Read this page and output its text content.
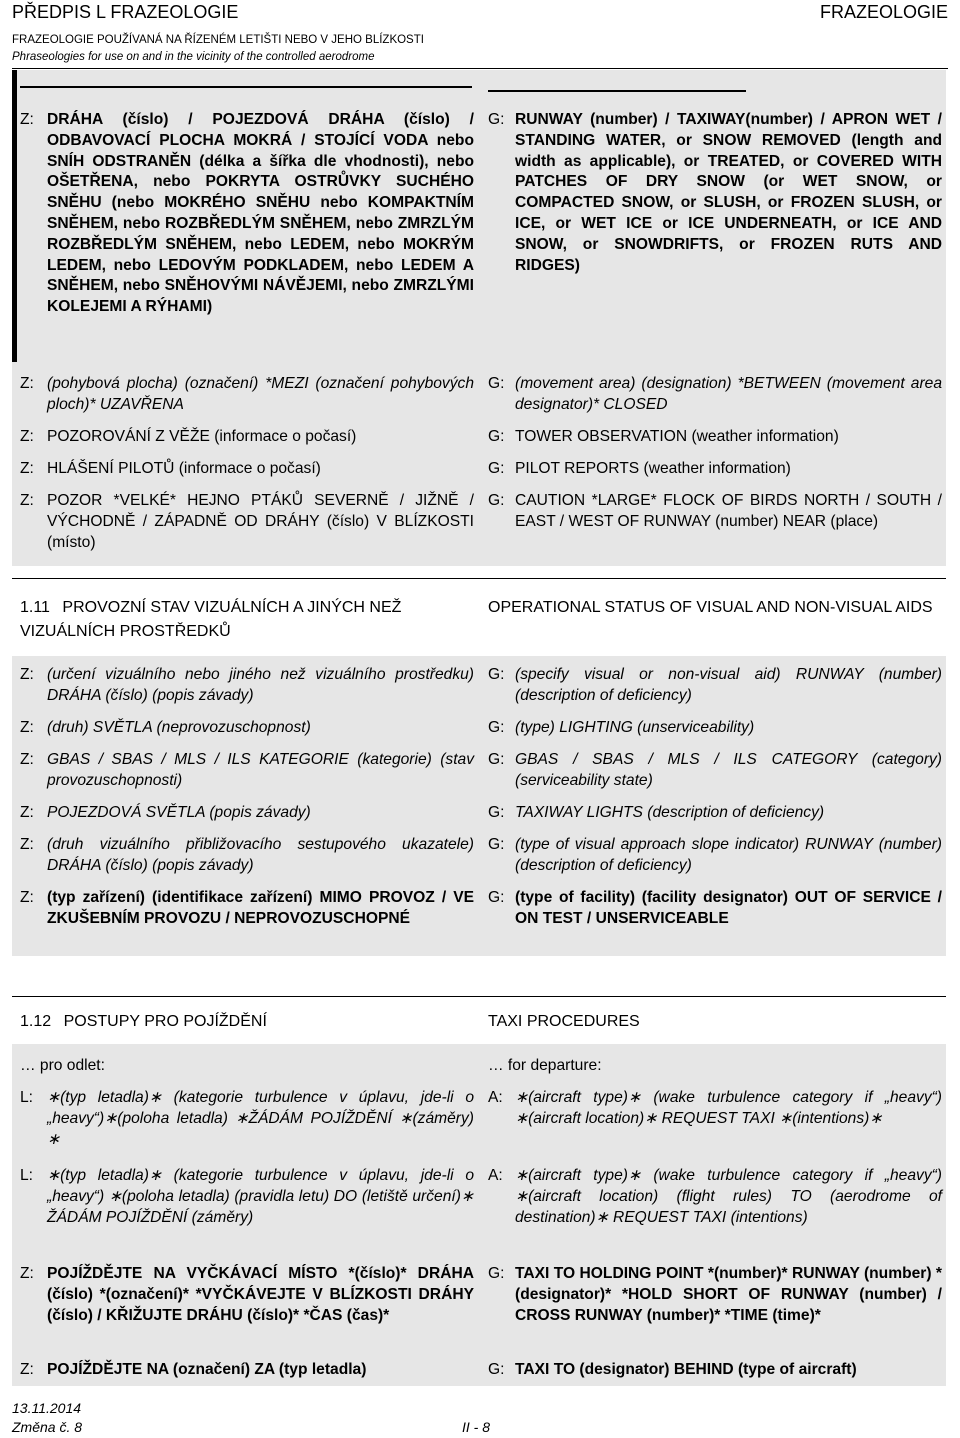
PŘEDPIS L FRAZEOLOGIE	FRAZEOLOGIE
FRAZEOLOGIE POUŽÍVANÁ NA ŘÍZENÉM LETIŠTI NEBO V JEHO BLÍZKOSTI
Phraseologies for use on and in the vicinity of the controlled aerodrome
Z: DRÁHA (číslo) / POJEZDOVÁ DRÁHA (číslo) / ODBAVOVACÍ PLOCHA MOKRÁ / STOJÍCÍ VODA nebo SNÍH ODSTRANĚN (délka a šířka dle vhodnosti), nebo OŠETŘENA, nebo POKRYTA OSTRŮVKY SUCHÉHO SNĚHU (nebo MOKRÉHO SNĚHU nebo KOMPAKTNÍM SNĚHEM, nebo ROZBŘEDLÝM SNĚHEM, nebo ZMRZLÝM ROZBŘEDLÝM SNĚHEM, nebo LEDEM, nebo MOKRÝM LEDEM, nebo LEDOVÝM PODKLADEM, nebo LEDEM A SNĚHEM, nebo SNĚHOVÝMI NÁVĚJEMI, nebo ZMRZLÝMI KOLEJEMI A RÝHAMI)
G: RUNWAY (number) / TAXIWAY(number) / APRON WET / STANDING WATER, or SNOW REMOVED (length and width as applicable), or TREATED, or COVERED WITH PATCHES OF DRY SNOW (or WET SNOW, or COMPACTED SNOW, or SLUSH, or FROZEN SLUSH, or ICE, or WET ICE or ICE UNDERNEATH, or ICE AND SNOW, or SNOWDRIFTS, or FROZEN RUTS AND RIDGES)
Z: (pohybová plocha) (označení) *MEZI (označení pohybových ploch)* UZAVŘENA
G: (movement area) (designation) *BETWEEN (movement area designator)* CLOSED
Z: POZOROVÁNÍ Z VĚŽE (informace o počasí)	G: TOWER OBSERVATION (weather information)
Z: HLÁŠENÍ PILOTŮ (informace o počasí)	G: PILOT REPORTS (weather information)
Z: POZOR *VELKÉ* HEJNO PTÁKŮ SEVERNĚ / JIŽNĚ / VÝCHODNĚ / ZÁPADNĚ OD DRÁHY (číslo) V BLÍZKOSTI (místo)
G: CAUTION *LARGE* FLOCK OF BIRDS NORTH / SOUTH / EAST / WEST OF RUNWAY (number) NEAR (place)
1.11 PROVOZNÍ STAV VIZUÁLNÍCH A JINÝCH NEŽ VIZUÁLNÍCH PROSTŘEDKŮ
OPERATIONAL STATUS OF VISUAL AND NON-VISUAL AIDS
Z: (určení vizuálního nebo jiného než vizuálního prostředku) DRÁHA (číslo) (popis závady)
G: (specify visual or non-visual aid) RUNWAY (number) (description of deficiency)
Z: (druh) SVĚTLA (neprovozuschopnost)	G: (type) LIGHTING (unserviceability)
Z: GBAS / SBAS / MLS / ILS KATEGORIE (kategorie) (stav provozuschopnosti)
G: GBAS / SBAS / MLS / ILS CATEGORY (category) (serviceability state)
Z: POJEZDOVÁ SVĚTLA (popis závady)	G: TAXIWAY LIGHTS (description of deficiency)
Z: (druh vizuálního přibližovacího sestupového ukazatele) DRÁHA (číslo) (popis závady)
G: (type of visual approach slope indicator) RUNWAY (number) (description of deficiency)
Z: (typ zařízení) (identifikace zařízení) MIMO PROVOZ / VE ZKUŠEBNÍM PROVOZU / NEPROVOZUSCHOPNÉ
G: (type of facility) (facility designator) OUT OF SERVICE / ON TEST / UNSERVICEABLE
1.12 POSTUPY PRO POJÍŽDĚNÍ	TAXI PROCEDURES
… pro odlet:	… for departure:
L: ∗(typ letadla)∗ (kategorie turbulence v úplavu, jde-li o „heavy“)∗(poloha letadla) ∗ŽÁDÁM POJÍŽDĚNÍ ∗(záměry) ∗
A: ∗(aircraft type)∗ (wake turbulence category if „heavy“) ∗(aircraft location)∗ REQUEST TAXI ∗(intentions)∗
L: ∗(typ letadla)∗ (kategorie turbulence v úplavu, jde-li o „heavy“) ∗(poloha letadla) (pravidla letu) DO (letiště určení)∗ ŽÁDÁM POJÍŽDĚNÍ (záměry)
A: ∗(aircraft type)∗ (wake turbulence category if „heavy“) ∗(aircraft location) (flight rules) TO (aerodrome of destination)∗ REQUEST TAXI (intentions)
Z: POJÍŽDĚJTE NA VYČKÁVACÍ MÍSTO *(číslo)* DRÁHA (číslo) *(označení)* *VYČKÁVEJTE V BLÍZKOSTI DRÁHY (číslo) / KŘIŽUJTE DRÁHU (číslo)* *ČAS (čas)*
G: TAXI TO HOLDING POINT *(number)* RUNWAY (number) *(designator)* *HOLD SHORT OF RUNWAY (number) / CROSS RUNWAY (number)* *TIME (time)*
Z: POJÍŽDĚJTE NA (označení) ZA (typ letadla)	G: TAXI TO (designator) BEHIND (type of aircraft)
13.11.2014
Změna č. 8	II - 8
